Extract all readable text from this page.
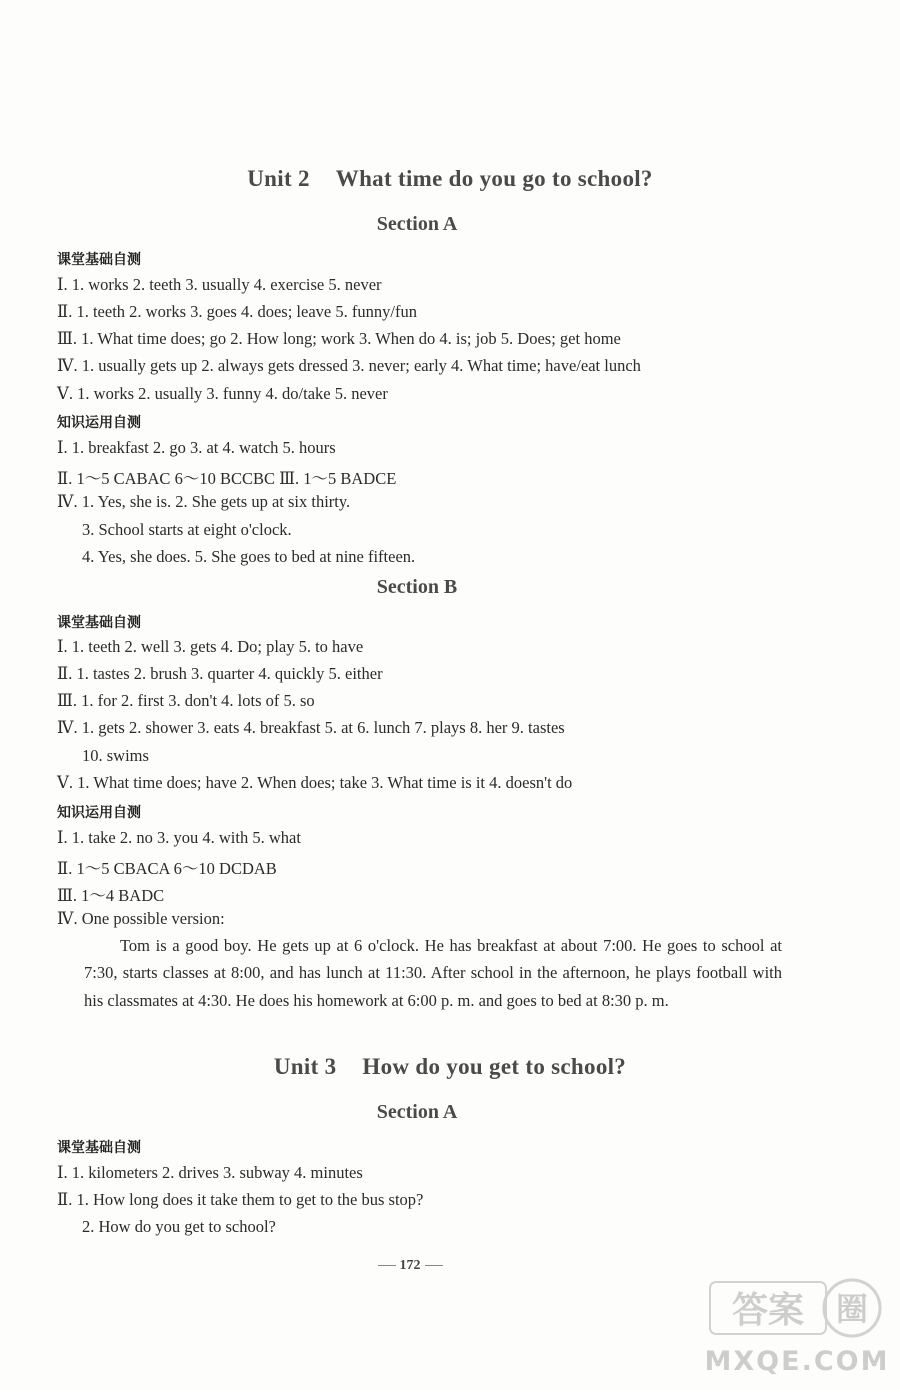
Unit 2 What time do you go to school?
Section A
课堂基础自测
Ⅰ. 1. works 2. teeth 3. usually 4. exercise 5. never
Ⅱ. 1. teeth 2. works 3. goes 4. does; leave 5. funny/fun
Ⅲ. 1. What time does; go 2. How long; work 3. When do 4. is; job 5. Does; get home
Ⅳ. 1. usually gets up 2. always gets dressed 3. never; early 4. What time; have/eat lunch
Ⅴ. 1. works 2. usually 3. funny 4. do/take 5. never
知识运用自测
Ⅰ. 1. breakfast 2. go 3. at 4. watch 5. hours
Ⅱ. 1～5 CABAC 6～10 BCCBC Ⅲ. 1～5 BADCE
Ⅳ. 1. Yes, she is. 2. She gets up at six thirty.
3. School starts at eight o'clock.
4. Yes, she does. 5. She goes to bed at nine fifteen.
Section B
课堂基础自测
Ⅰ. 1. teeth 2. well 3. gets 4. Do; play 5. to have
Ⅱ. 1. tastes 2. brush 3. quarter 4. quickly 5. either
Ⅲ. 1. for 2. first 3. don't 4. lots of 5. so
Ⅳ. 1. gets 2. shower 3. eats 4. breakfast 5. at 6. lunch 7. plays 8. her 9. tastes
10. swims
Ⅴ. 1. What time does; have 2. When does; take 3. What time is it 4. doesn't do
知识运用自测
Ⅰ. 1. take 2. no 3. you 4. with 5. what
Ⅱ. 1～5 CBACA 6～10 DCDAB
Ⅲ. 1～4 BADC
Ⅳ. One possible version:
Tom is a good boy. He gets up at 6 o'clock. He has breakfast at about 7:00. He goes to school at 7:30, starts classes at 8:00, and has lunch at 11:30. After school in the afternoon, he plays football with his classmates at 4:30. He does his homework at 6:00 p. m. and goes to bed at 8:30 p. m.
Unit 3 How do you get to school?
Section A
课堂基础自测
Ⅰ. 1. kilometers 2. drives 3. subway 4. minutes
Ⅱ. 1. How long does it take them to get to the bus stop?
2. How do you get to school?
172
答案 圈
MXQE.COM
